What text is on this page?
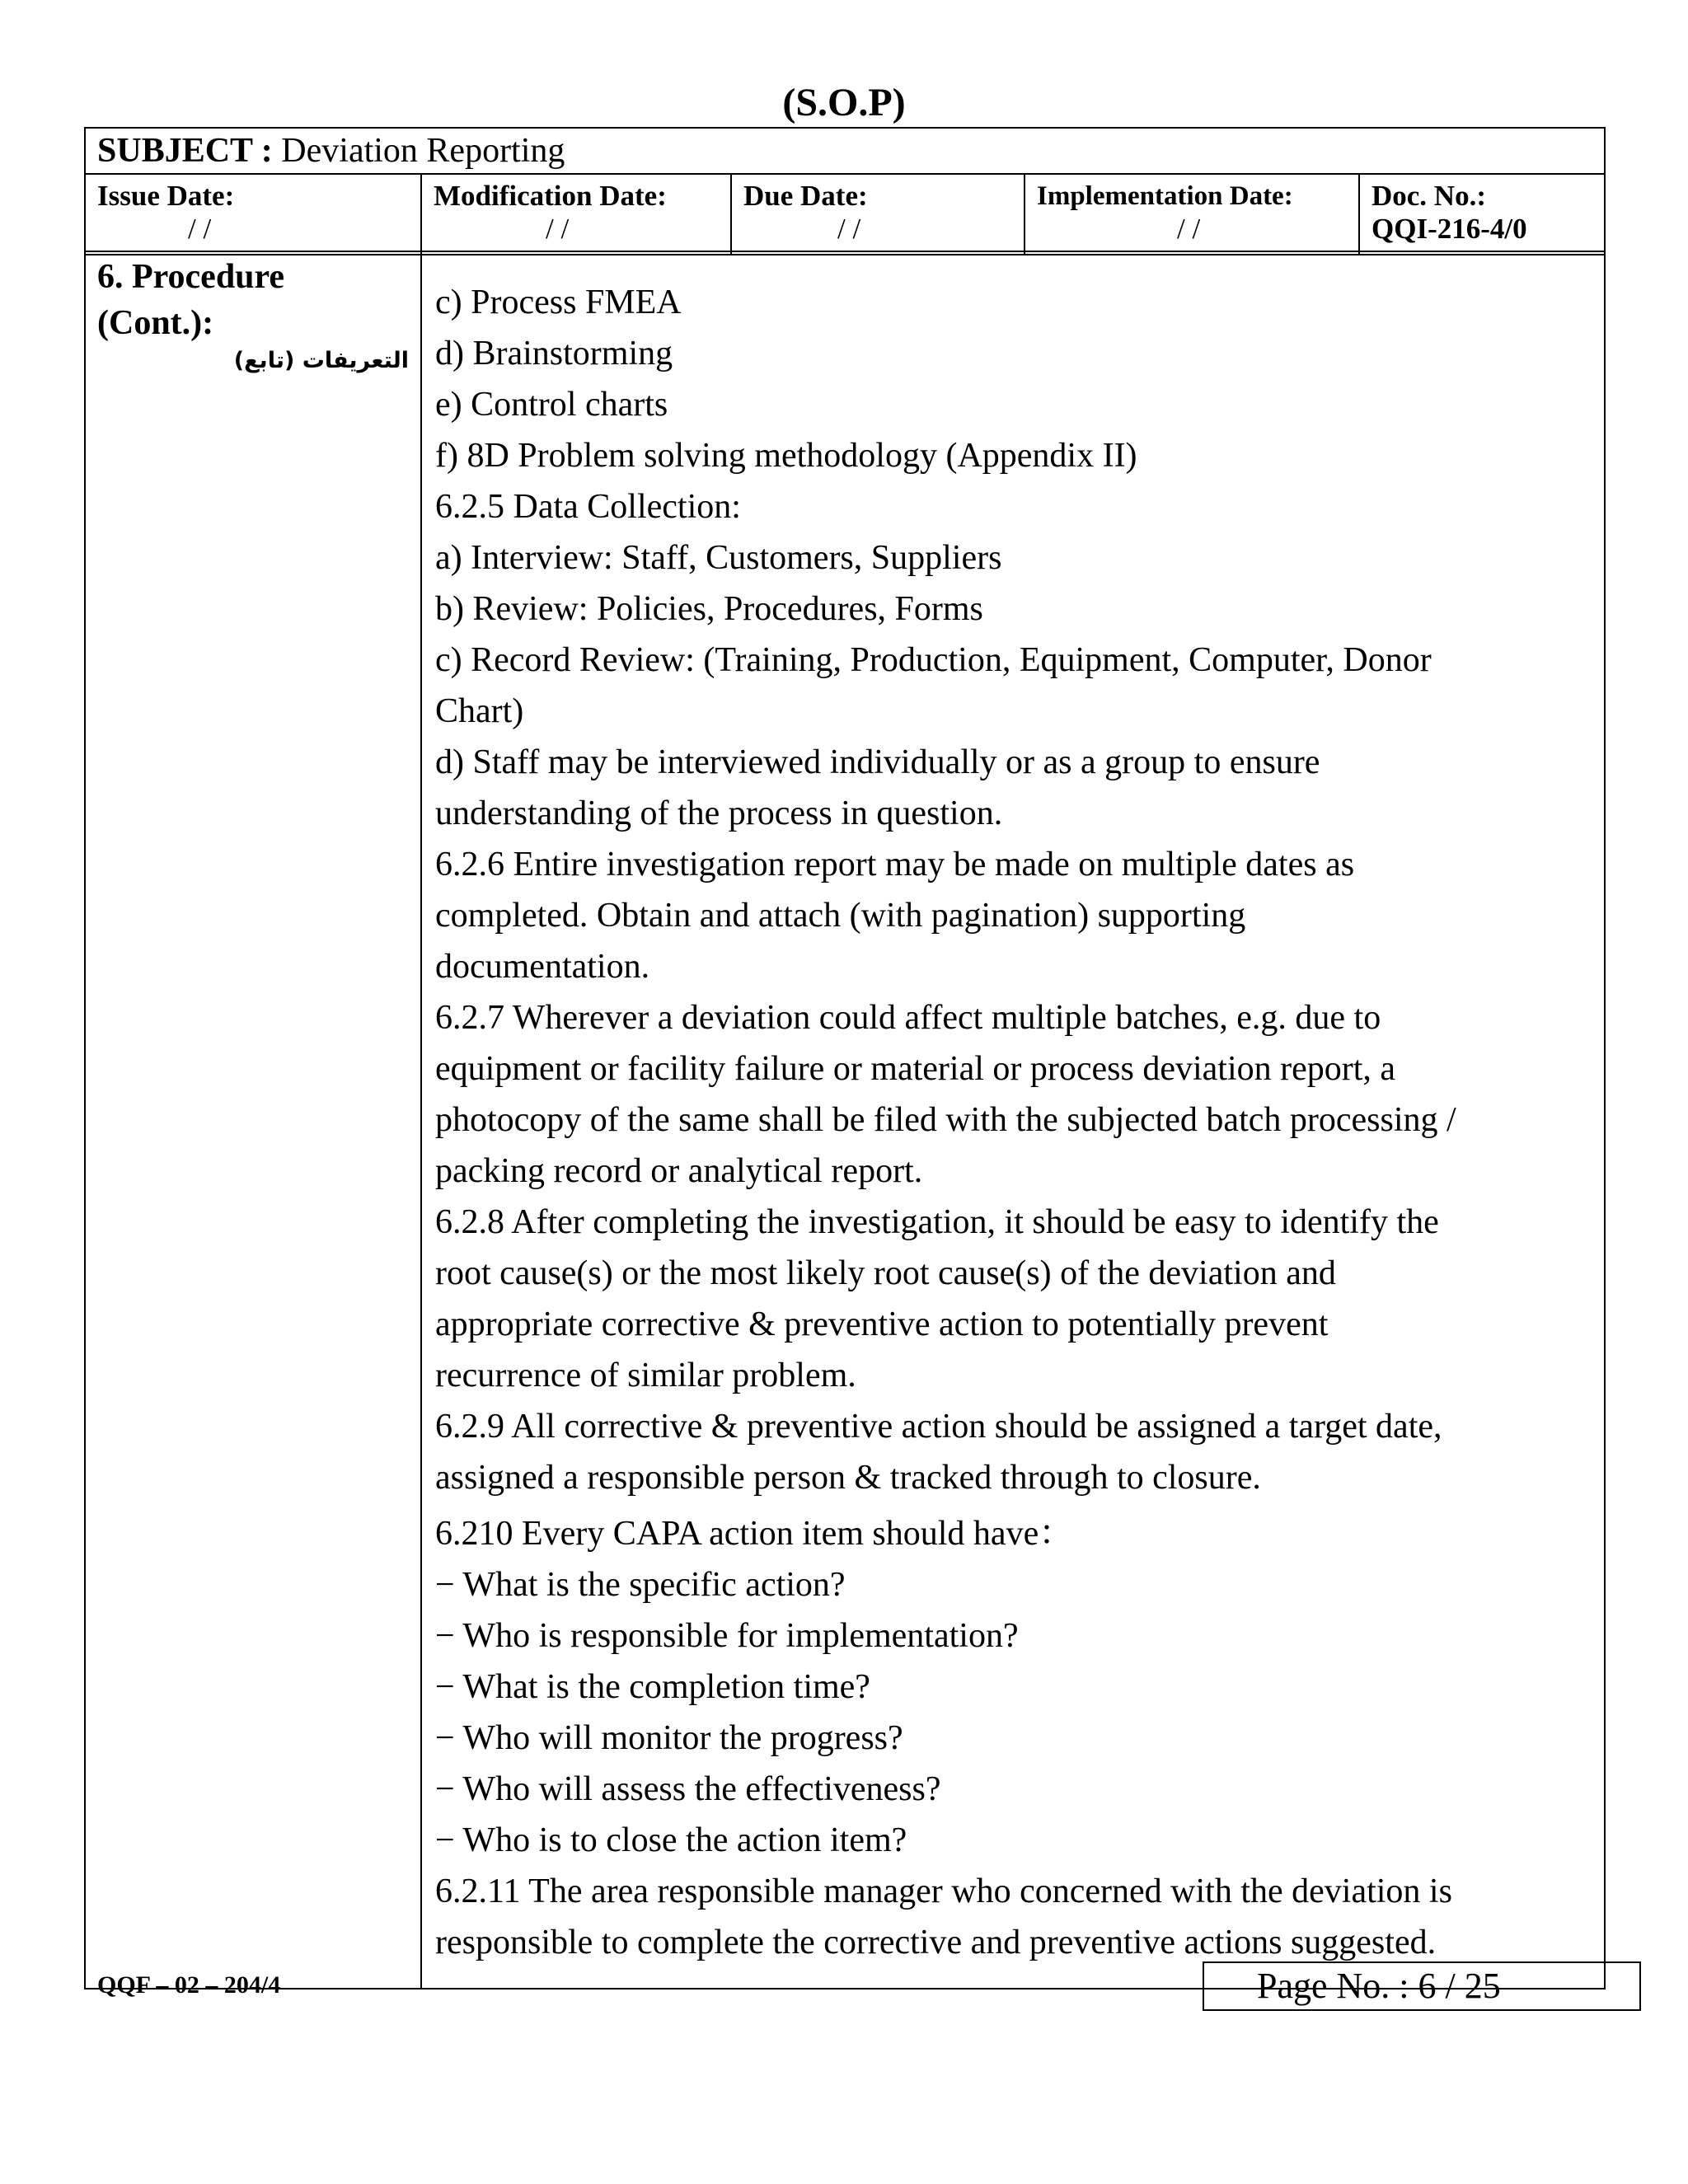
(S.O.P)
SUBJECT : Deviation Reporting

Issue Date:
/ /

Modification Date:
/ /

Due Date:
/ /

Implementation Date:
/ /

Doc. No.:
QQI-216-4/0
6. Procedure
(Cont.):
التعريفات (تابع)

c) Process FMEA
d) Brainstorming
e) Control charts
f) 8D Problem solving methodology (Appendix II)
6.2.5 Data Collection:
a) Interview: Staff, Customers, Suppliers
b) Review: Policies, Procedures, Forms
c) Record Review: (Training, Production, Equipment, Computer, Donor
Chart)
d) Staff may be interviewed individually or as a group to ensure
understanding of the process in question.
6.2.6 Entire investigation report may be made on multiple dates as
completed. Obtain and attach (with pagination) supporting
documentation.
6.2.7 Wherever a deviation could affect multiple batches, e.g. due to
equipment or facility failure or material or process deviation report, a
photocopy of the same shall be filed with the subjected batch processing /
packing record or analytical report.
6.2.8 After completing the investigation, it should be easy to identify the
root cause(s) or the most likely root cause(s) of the deviation and
appropriate corrective & preventive action to potentially prevent
recurrence of similar problem.
6.2.9 All corrective & preventive action should be assigned a target date,
assigned a responsible person & tracked through to closure.
6.210 Every CAPA action item should have：
− What is the specific action?
− Who is responsible for implementation?
− What is the completion time?
− Who will monitor the progress?
− Who will assess the effectiveness?
− Who is to close the action item?
6.2.11 The area responsible manager who concerned with the deviation is
responsible to complete the corrective and preventive actions suggested.
QQF – 02 – 204/4	Page No. : 6 / 25
